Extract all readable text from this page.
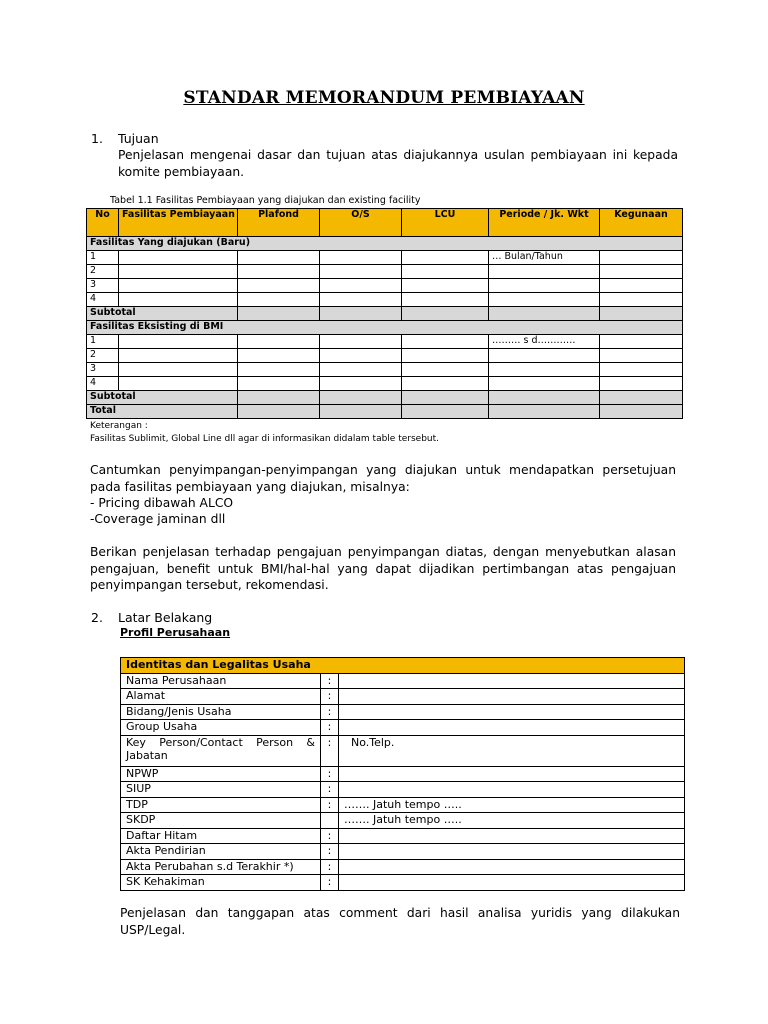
STANDAR MEMORANDUM PEMBIAYAAN
1. Tujuan
Penjelasan mengenai dasar dan tujuan atas diajukannya usulan pembiayaan ini kepada komite pembiayaan.
Tabel 1.1 Fasilitas Pembiayaan yang diajukan dan existing facility
No	Fasilitas Pembiayaan	Plafond	O/S	LCU	Periode / Jk. Wkt	Kegunaan
Fasilitas Yang diajukan (Baru)						
1					… Bulan/Tahun	
2						
3						
4						
Subtotal						
Fasilitas Eksisting di BMI						
1					……… s d…………	
2						
3						
4						
Subtotal						
Total						
Keterangan :
Fasilitas Sublimit, Global Line dll agar di informasikan didalam table tersebut.
Cantumkan penyimpangan-penyimpangan yang diajukan untuk mendapatkan persetujuan pada fasilitas pembiayaan yang diajukan, misalnya:
- Pricing dibawah ALCO
-Coverage jaminan dll
Berikan penjelasan terhadap pengajuan penyimpangan diatas, dengan menyebutkan alasan pengajuan, benefit untuk BMI/hal-hal yang dapat dijadikan pertimbangan atas pengajuan penyimpangan tersebut, rekomendasi.
2. Latar Belakang
Profil Perusahaan
Identitas dan Legalitas Usaha		
Nama Perusahaan	:	
Alamat	:	
Bidang/Jenis Usaha	:	
Group Usaha	:	
Key Person/Contact Person & Jabatan	:	No.Telp.
NPWP	:	
SIUP	:	
TDP	:	……. Jatuh tempo …..
SKDP		……. Jatuh tempo …..
Daftar Hitam	:	
Akta Pendirian	:	
Akta Perubahan s.d Terakhir *)	:	
SK Kehakiman	:	
Penjelasan dan tanggapan atas comment dari hasil analisa yuridis yang dilakukan USP/Legal.
